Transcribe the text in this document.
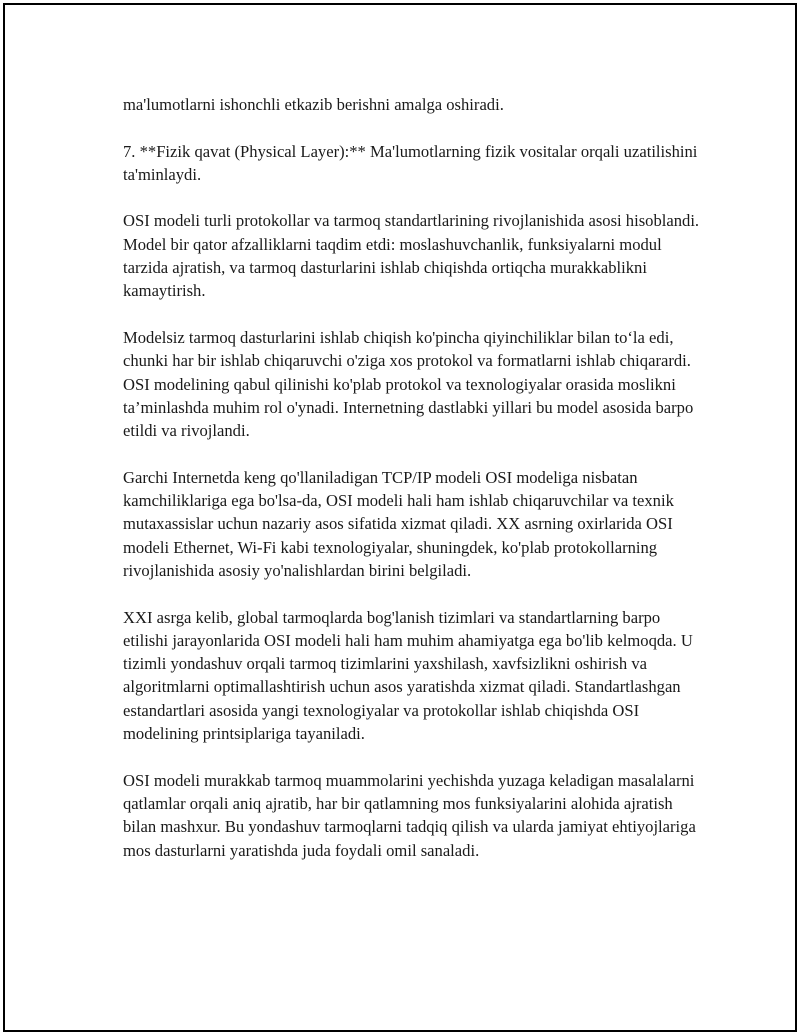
ma'lumotlarni ishonchli etkazib berishni amalga oshiradi.

7. **Fizik qavat (Physical Layer):** Ma'lumotlarning fizik vositalar orqali uzatilishini ta'minlaydi.

OSI modeli turli protokollar va tarmoq standartlarining rivojlanishida asosi hisoblandi. Model bir qator afzalliklarni taqdim etdi: moslashuvchanlik, funksiyalarni modul tarzida ajratish, va tarmoq dasturlarini ishlab chiqishda ortiqcha murakkablikni kamaytirish.

Modelsiz tarmoq dasturlarini ishlab chiqish ko'pincha qiyinchiliklar bilan to‘la edi, chunki har bir ishlab chiqaruvchi o'ziga xos protokol va formatlarni ishlab chiqarardi. OSI modelining qabul qilinishi ko'plab protokol va texnologiyalar orasida moslikni ta’minlashda muhim rol o'ynadi. Internetning dastlabki yillari bu model asosida barpo etildi va rivojlandi.

Garchi Internetda keng qo'llaniladigan TCP/IP modeli OSI modeliga nisbatan kamchiliklariga ega bo'lsa-da, OSI modeli hali ham ishlab chiqaruvchilar va texnik mutaxassislar uchun nazariy asos sifatida xizmat qiladi. XX asrning oxirlarida OSI modeli Ethernet, Wi-Fi kabi texnologiyalar, shuningdek, ko'plab protokollarning rivojlanishida asosiy yo'nalishlardan birini belgiladi.

XXI asrga kelib, global tarmoqlarda bog'lanish tizimlari va standartlarning barpo etilishi jarayonlarida OSI modeli hali ham muhim ahamiyatga ega bo'lib kelmoqda. U tizimli yondashuv orqali tarmoq tizimlarini yaxshilash, xavfsizlikni oshirish va algoritmlarni optimallashtirish uchun asos yaratishda xizmat qiladi. Standartlashgan estandartlari asosida yangi texnologiyalar va protokollar ishlab chiqishda OSI modelining printsiplariga tayaniladi.

OSI modeli murakkab tarmoq muammolarini yechishda yuzaga keladigan masalalarni qatlamlar orqali aniq ajratib, har bir qatlamning mos funksiyalarini alohida ajratish bilan mashxur. Bu yondashuv tarmoqlarni tadqiq qilish va ularda jamiyat ehtiyojlariga mos dasturlarni yaratishda juda foydali omil sanaladi.
